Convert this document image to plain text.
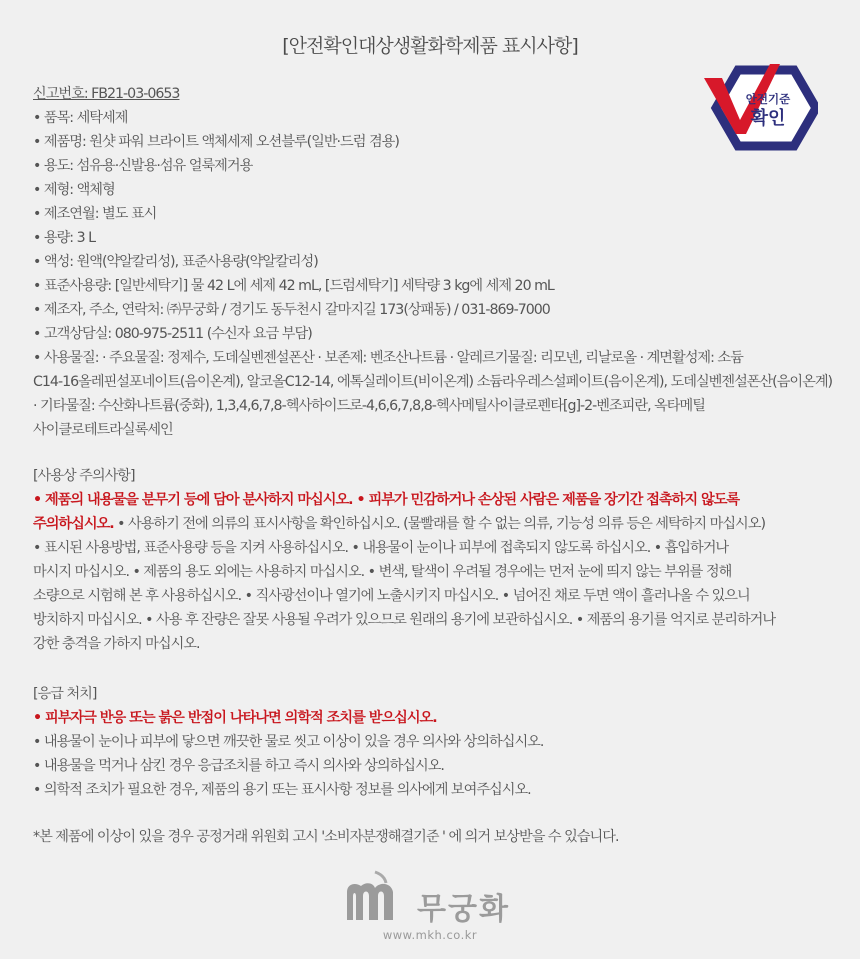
[안전확인대상생활화학제품 표시사항]
안전기준
확인
신고번호: FB21-03-0653
• 품목: 세탁세제
• 제품명: 원샷 파워 브라이트 액체세제 오션블루(일반·드럼 겸용)
• 용도: 섬유용·신발용·섬유 얼룩제거용
• 제형: 액체형
• 제조연월: 별도 표시
• 용량: 3 L
• 액성: 원액(약알칼리성), 표준사용량(약알칼리성)
• 표준사용량: [일반세탁기] 물 42 L에 세제 42 mL, [드럼세탁기] 세탁량 3 kg에 세제 20 mL
• 제조자, 주소, 연락처: ㈜무궁화 / 경기도 동두천시 갈마지길 173(상패동) / 031-869-7000
• 고객상담실: 080-975-2511 (수신자 요금 부담)
• 사용물질: · 주요물질: 정제수, 도데실벤젠설폰산 · 보존제: 벤조산나트륨 · 알레르기물질: 리모넨, 리날로올 · 계면활성제: 소듐
C14-16올레핀설포네이트(음이온계), 알코올C12-14, 에톡실레이트(비이온계) 소듐라우레스설페이트(음이온계), 도데실벤젠설폰산(음이온계)
· 기타물질: 수산화나트륨(중화), 1,3,4,6,7,8-헥사하이드로-4,6,6,7,8,8-헥사메틸사이클로펜타[g]-2-벤조피란, 옥타메틸
사이클로테트라실록세인
[사용상 주의사항]
• 제품의 내용물을 분무기 등에 담아 분사하지 마십시오. • 피부가 민감하거나 손상된 사람은 제품을 장기간 접촉하지 않도록
주의하십시오. • 사용하기 전에 의류의 표시사항을 확인하십시오. (물빨래를 할 수 없는 의류, 기능성 의류 등은 세탁하지 마십시오)
• 표시된 사용방법, 표준사용량 등을 지켜 사용하십시오. • 내용물이 눈이나 피부에 접촉되지 않도록 하십시오. • 흡입하거나
마시지 마십시오. • 제품의 용도 외에는 사용하지 마십시오. • 변색, 탈색이 우려될 경우에는 먼저 눈에 띄지 않는 부위를 정해
소량으로 시험해 본 후 사용하십시오. • 직사광선이나 열기에 노출시키지 마십시오. • 넘어진 채로 두면 액이 흘러나올 수 있으니
방치하지 마십시오. • 사용 후 잔량은 잘못 사용될 우려가 있으므로 원래의 용기에 보관하십시오. • 제품의 용기를 억지로 분리하거나
강한 충격을 가하지 마십시오.
[응급 처치]
• 피부자극 반응 또는 붉은 반점이 나타나면 의학적 조치를 받으십시오.
• 내용물이 눈이나 피부에 닿으면 깨끗한 물로 씻고 이상이 있을 경우 의사와 상의하십시오.
• 내용물을 먹거나 삼킨 경우 응급조치를 하고 즉시 의사와 상의하십시오.
• 의학적 조치가 필요한 경우, 제품의 용기 또는 표시사항 정보를 의사에게 보여주십시오.
*본 제품에 이상이 있을 경우 공정거래 위원회 고시 '소비자분쟁해결기준 ' 에 의거 보상받을 수 있습니다.
무궁화
www.mkh.co.kr
